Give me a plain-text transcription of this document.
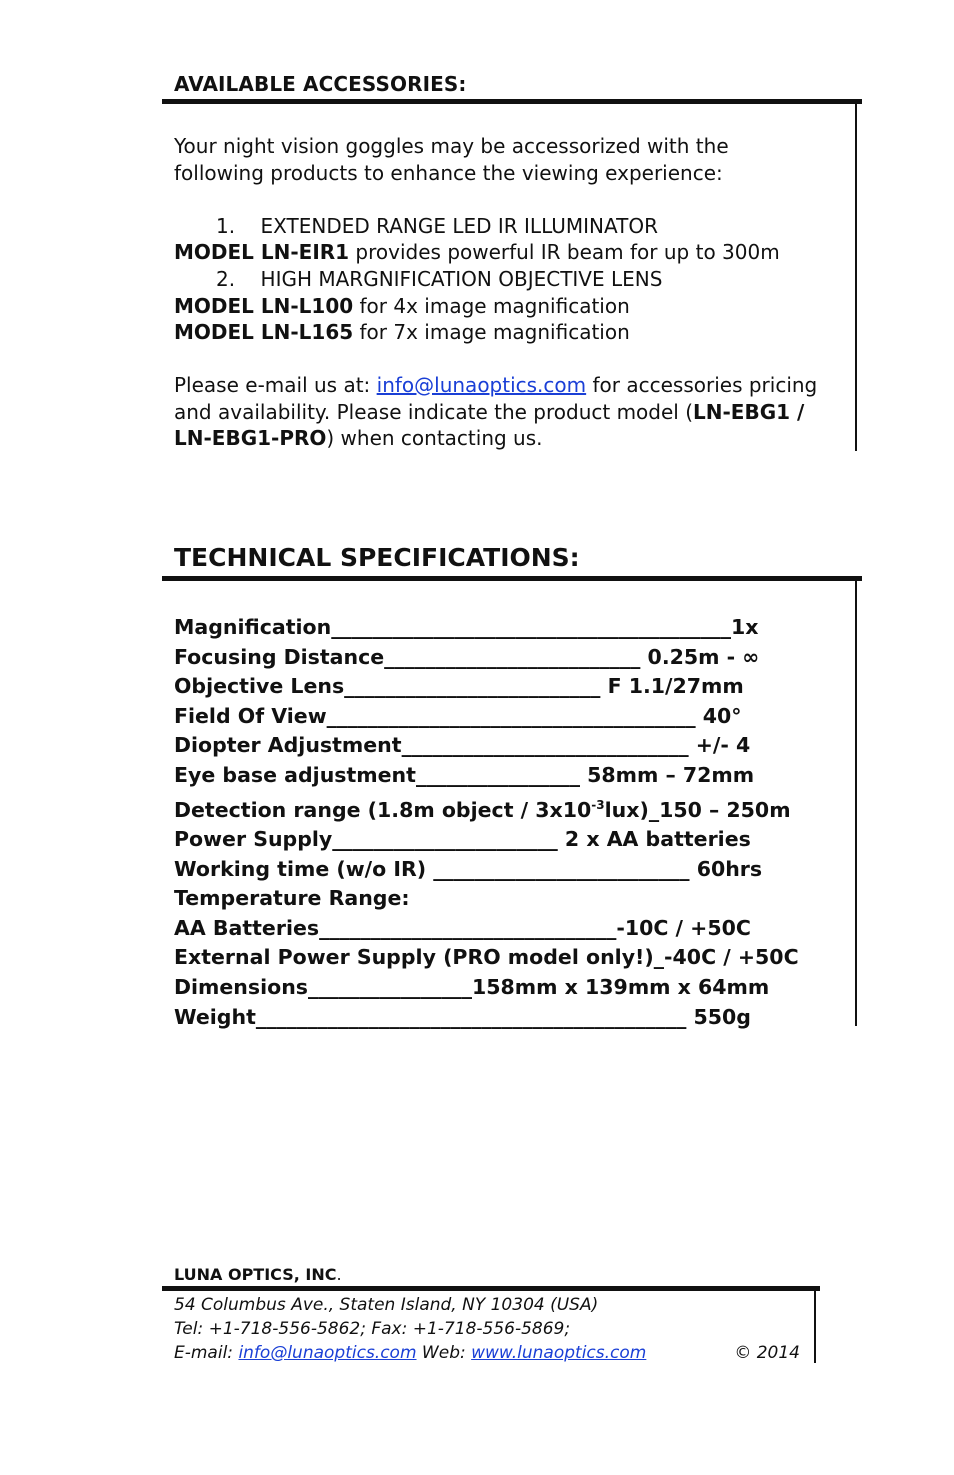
AVAILABLE ACCESSORIES:
Your night vision goggles may be accessorized with the following products to enhance the viewing experience:
1. EXTENDED RANGE LED IR ILLUMINATOR
MODEL LN-EIR1 provides powerful IR beam for up to 300m
2. HIGH MARGNIFICATION OBJECTIVE LENS
MODEL LN-L100 for 4x image magnification
MODEL LN-L165 for 7x image magnification
Please e-mail us at: info@lunaoptics.com for accessories pricing and availability. Please indicate the product model (LN-EBG1 / LN-EBG1-PRO) when contacting us.
TECHNICAL SPECIFICATIONS:
Magnification_______________________________________1x
Focusing Distance_________________________ 0.25m - ∞
Objective Lens_________________________ F 1.1/27mm
Field Of View____________________________________ 40°
Diopter Adjustment____________________________ +/- 4
Eye base adjustment________________ 58mm – 72mm
Detection range (1.8m object / $3x10^{-3}lux)\_150 - 250m$
Power Supply______________________ 2 x AA batteries
Working time (w/o IR) _________________________ 60hrs
Temperature Range:
AA Batteries_____________________________-10C / +50C
External Power Supply (PRO model only!)_-40C / +50C
Dimensions________________158mm x 139mm x 64mm
Weight__________________________________________ 550g
LUNA OPTICS, INC.
54 Columbus Ave., Staten Island, NY 10304 (USA)
Tel: +1-718-556-5862; Fax: +1-718-556-5869;
E-mail: info@lunaoptics.com Web: www.lunaoptics.com	© 2014
